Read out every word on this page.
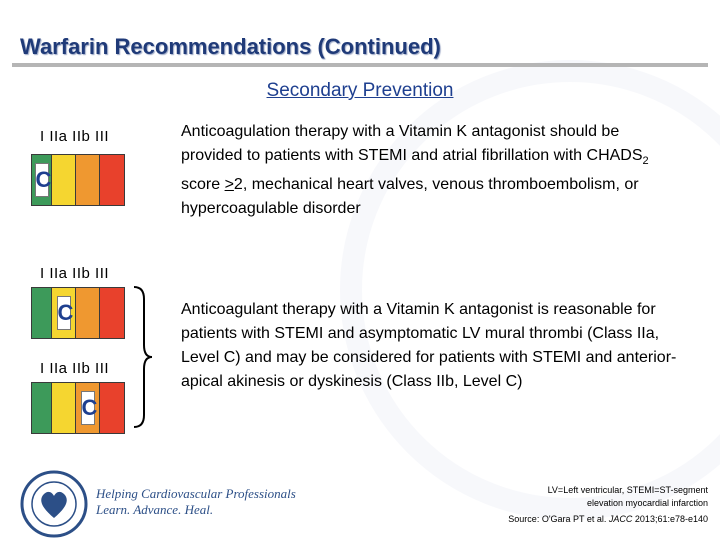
Warfarin Recommendations (Continued)
Secondary Prevention
I IIa IIb III
C
Anticoagulation therapy with a Vitamin K antagonist should be provided to patients with STEMI and atrial fibrillation with $CHADS_2$ score >2, mechanical heart valves, venous thromboembolism, or hypercoagulable disorder
I IIa IIb III
C
I IIa IIb III
C
Anticoagulant therapy with a Vitamin K antagonist is reasonable for patients with STEMI and asymptomatic LV mural thrombi (Class IIa, Level C) and may be considered for patients with STEMI and anterior-apical akinesis or dyskinesis (Class IIb, Level C)
Helping Cardiovascular Professionals
Learn. Advance. Heal.
LV=Left ventricular, STEMI=ST-segment
elevation myocardial infarction
Source: O'Gara PT et al. JACC 2013;61:e78-e140
